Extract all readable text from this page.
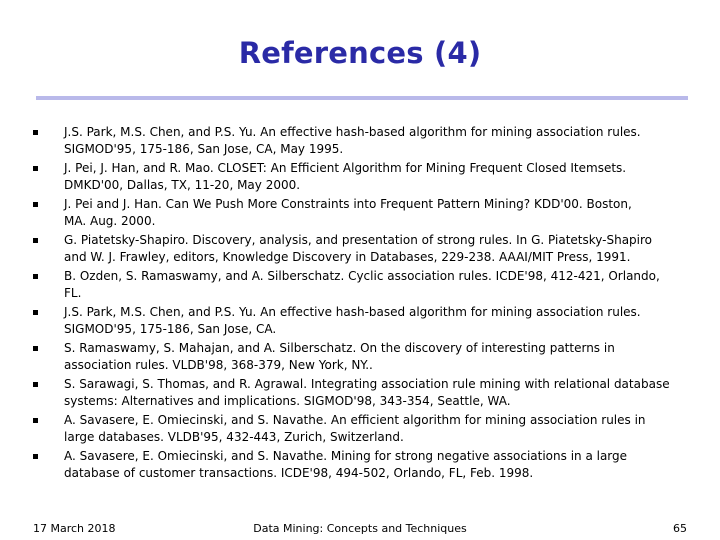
References (4)
J.S. Park, M.S. Chen, and P.S. Yu. An effective hash-based algorithm for mining association rules.
SIGMOD'95, 175-186, San Jose, CA, May 1995.
J. Pei, J. Han, and R. Mao. CLOSET: An Efficient Algorithm for Mining Frequent Closed Itemsets.
DMKD'00, Dallas, TX, 11-20, May 2000.
J. Pei and J. Han. Can We Push More Constraints into Frequent Pattern Mining? KDD'00. Boston,
MA. Aug. 2000.
G. Piatetsky-Shapiro. Discovery, analysis, and presentation of strong rules. In G. Piatetsky-Shapiro
and W. J. Frawley, editors, Knowledge Discovery in Databases, 229-238. AAAI/MIT Press, 1991.
B. Ozden, S. Ramaswamy, and A. Silberschatz. Cyclic association rules. ICDE'98, 412-421, Orlando,
FL.
J.S. Park, M.S. Chen, and P.S. Yu. An effective hash-based algorithm for mining association rules.
SIGMOD'95, 175-186, San Jose, CA.
S. Ramaswamy, S. Mahajan, and A. Silberschatz. On the discovery of interesting patterns in
association rules. VLDB'98, 368-379, New York, NY..
S. Sarawagi, S. Thomas, and R. Agrawal. Integrating association rule mining with relational database
systems: Alternatives and implications. SIGMOD'98, 343-354, Seattle, WA.
A. Savasere, E. Omiecinski, and S. Navathe. An efficient algorithm for mining association rules in
large databases. VLDB'95, 432-443, Zurich, Switzerland.
A. Savasere, E. Omiecinski, and S. Navathe. Mining for strong negative associations in a large
database of customer transactions. ICDE'98, 494-502, Orlando, FL, Feb. 1998.
17 March 2018	Data Mining: Concepts and Techniques	65
